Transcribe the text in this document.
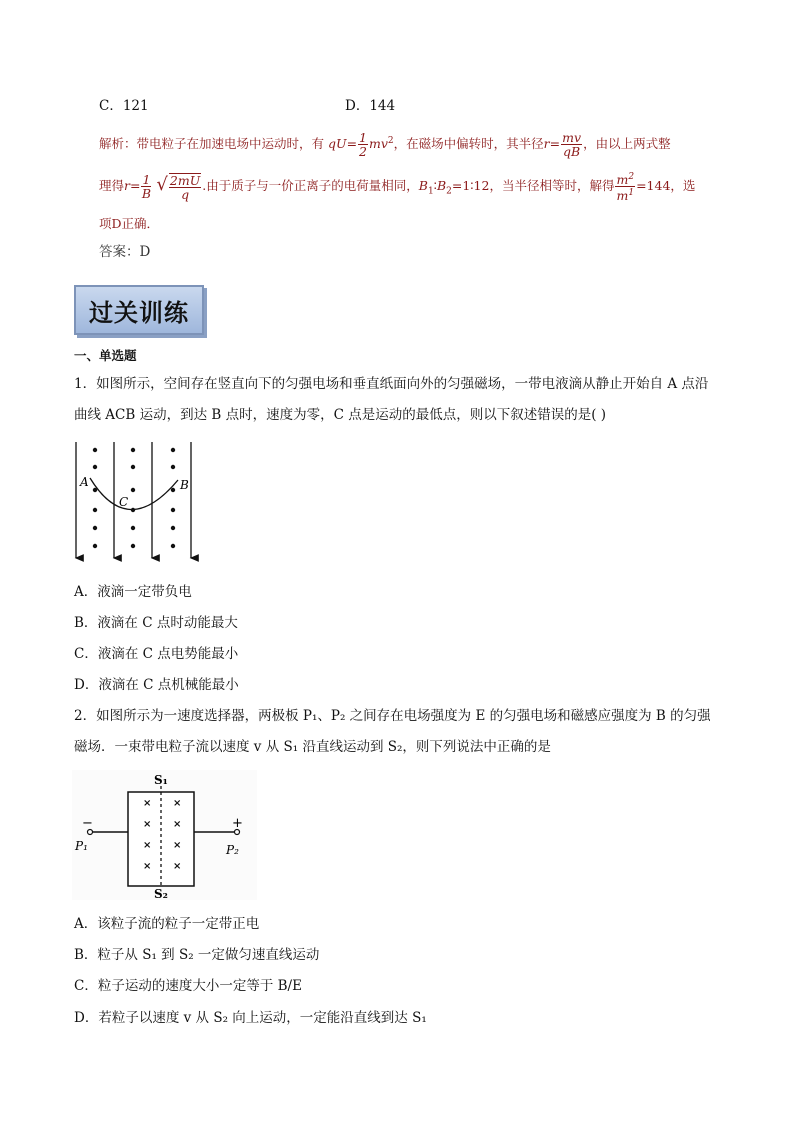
C．121	D．144
解析：带电粒子在加速电场中运动时，有 $qU= \frac{1}{2} mv^2$，在磁场中偏转时，其半径$r= \frac{mv}{qB}$ ，由以上两式整
理得$r= \frac{1}{B}$ √ $\frac{2mU}{q}$ .由于质子与一价正离子的电荷量相同，$B_1∶B_2=1∶12$，当半径相等时，解得 $\frac{m^2}{m^1} =144$，选
项D正确．
答案：D
过关训练
一、单选题
1．如图所示，空间存在竖直向下的匀强电场和垂直纸面向外的匀强磁场，一带电液滴从静止开始自 A 点沿
曲线 ACB 运动，到达 B 点时，速度为零，C 点是运动的最低点，则以下叙述错误的是( )
A	B
C
A．液滴一定带负电
B．液滴在 C 点时动能最大
C．液滴在 C 点电势能最小
D．液滴在 C 点机械能最小
2．如图所示为一速度选择器，两极板 P₁、P₂ 之间存在电场强度为 E 的匀强电场和磁感应强度为 B 的匀强
磁场．一束带电粒子流以速度 v 从 S₁ 沿直线运动到 S₂，则下列说法中正确的是
× ×
× ×
× ×
× ×
S₁
S₂
P₁	P₂
−	+
A．该粒子流的粒子一定带正电
B．粒子从 S₁ 到 S₂ 一定做匀速直线运动
C．粒子运动的速度大小一定等于 B/E
D．若粒子以速度 v 从 S₂ 向上运动，一定能沿直线到达 S₁
